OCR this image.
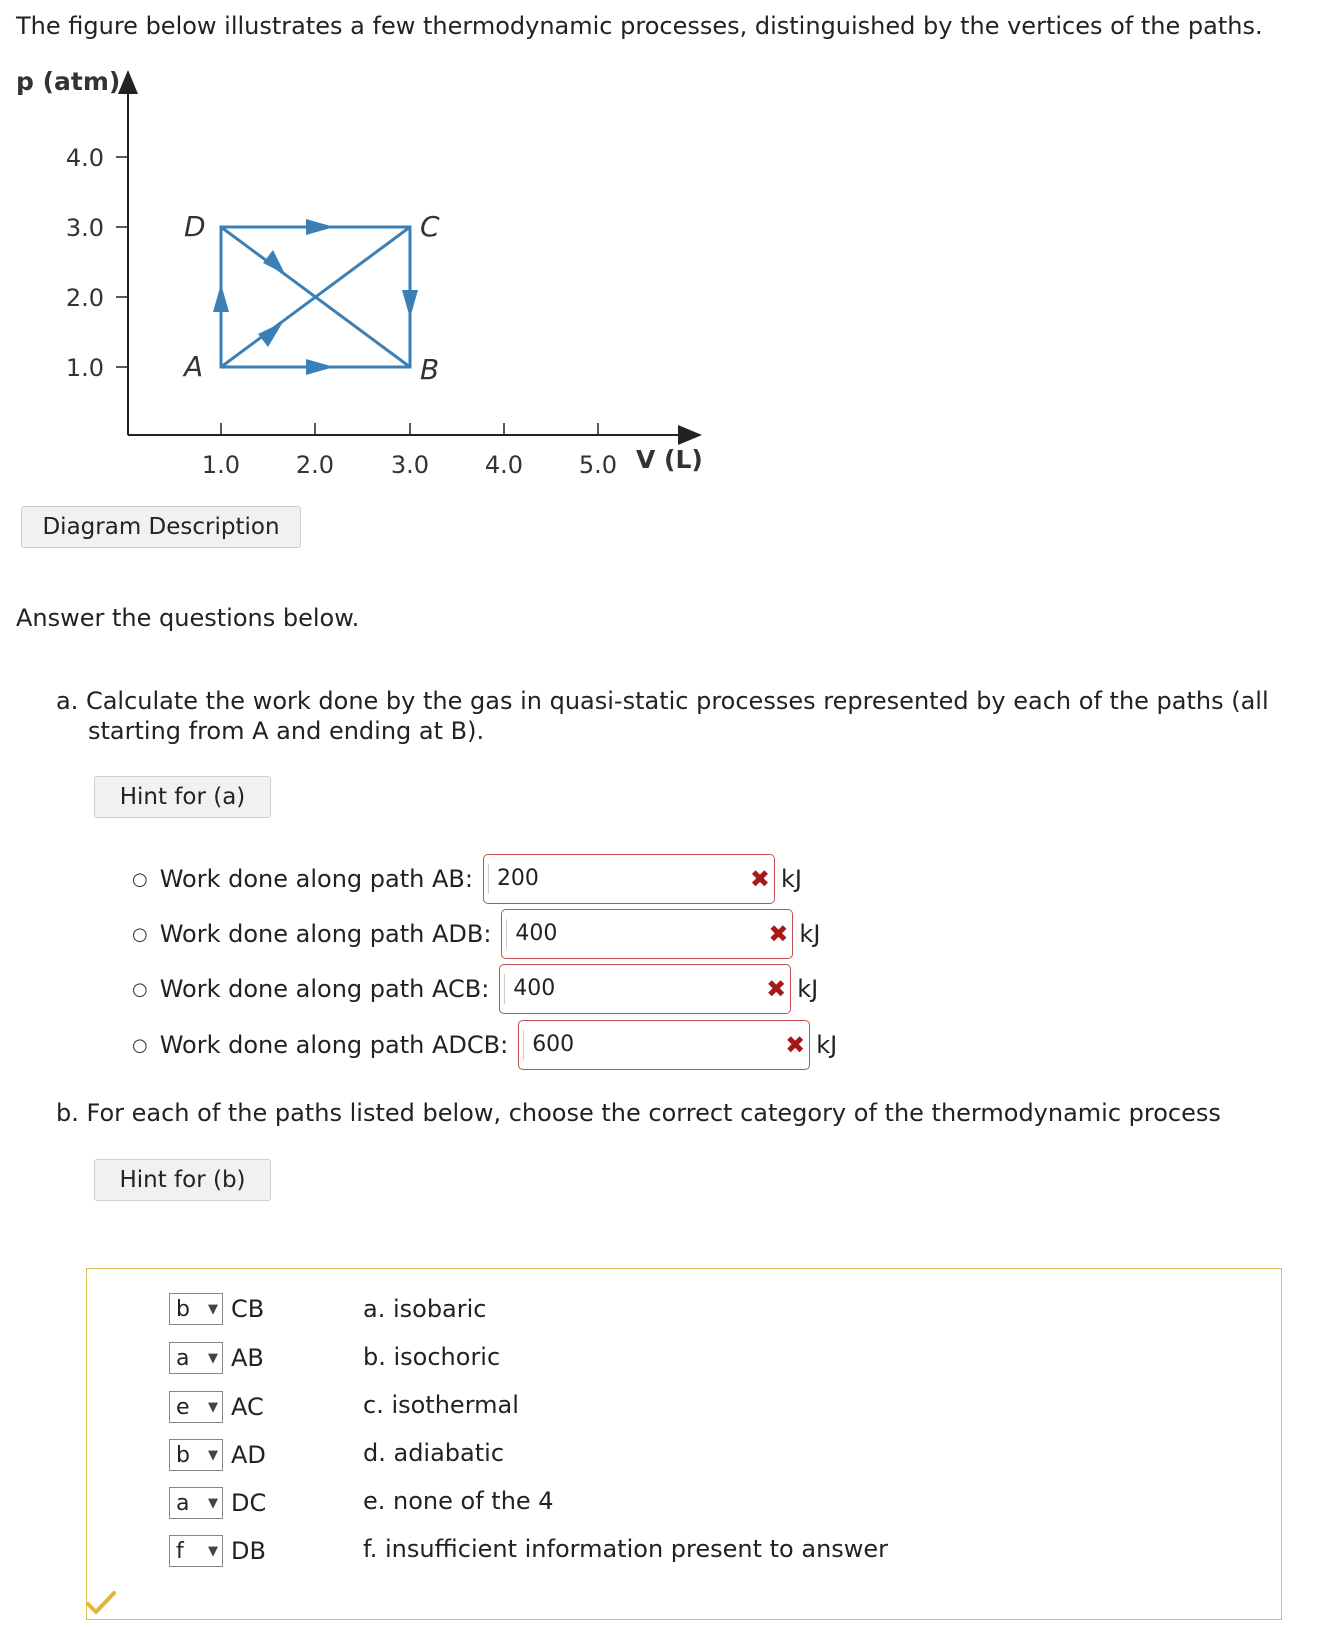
The figure below illustrates a few thermodynamic processes, distinguished by the vertices of the paths.
p (atm)
4.0
3.0
2.0
1.0
1.0 2.0 3.0 4.0 5.0 V (L)
D	C
A	B
Diagram Description
Answer the questions below.
a. Calculate the work done by the gas in quasi-static processes represented by each of the paths (all
starting from A and ending at B).
Hint for (a)
○ Work done along path AB:	200	✖ kJ
○ Work done along path ADB:	400	✖ kJ
○ Work done along path ACB:	400	✖ kJ
○ Work done along path ADCB:	600	✖ kJ
b. For each of the paths listed below, choose the correct category of the thermodynamic process
Hint for (b)
b ▼ CB
a ▼ AB
e ▼ AC
b ▼ AD
a ▼ DC
f ▼ DB
a. isobaric
b. isochoric
c. isothermal
d. adiabatic
e. none of the 4
f. insufficient information present to answer
